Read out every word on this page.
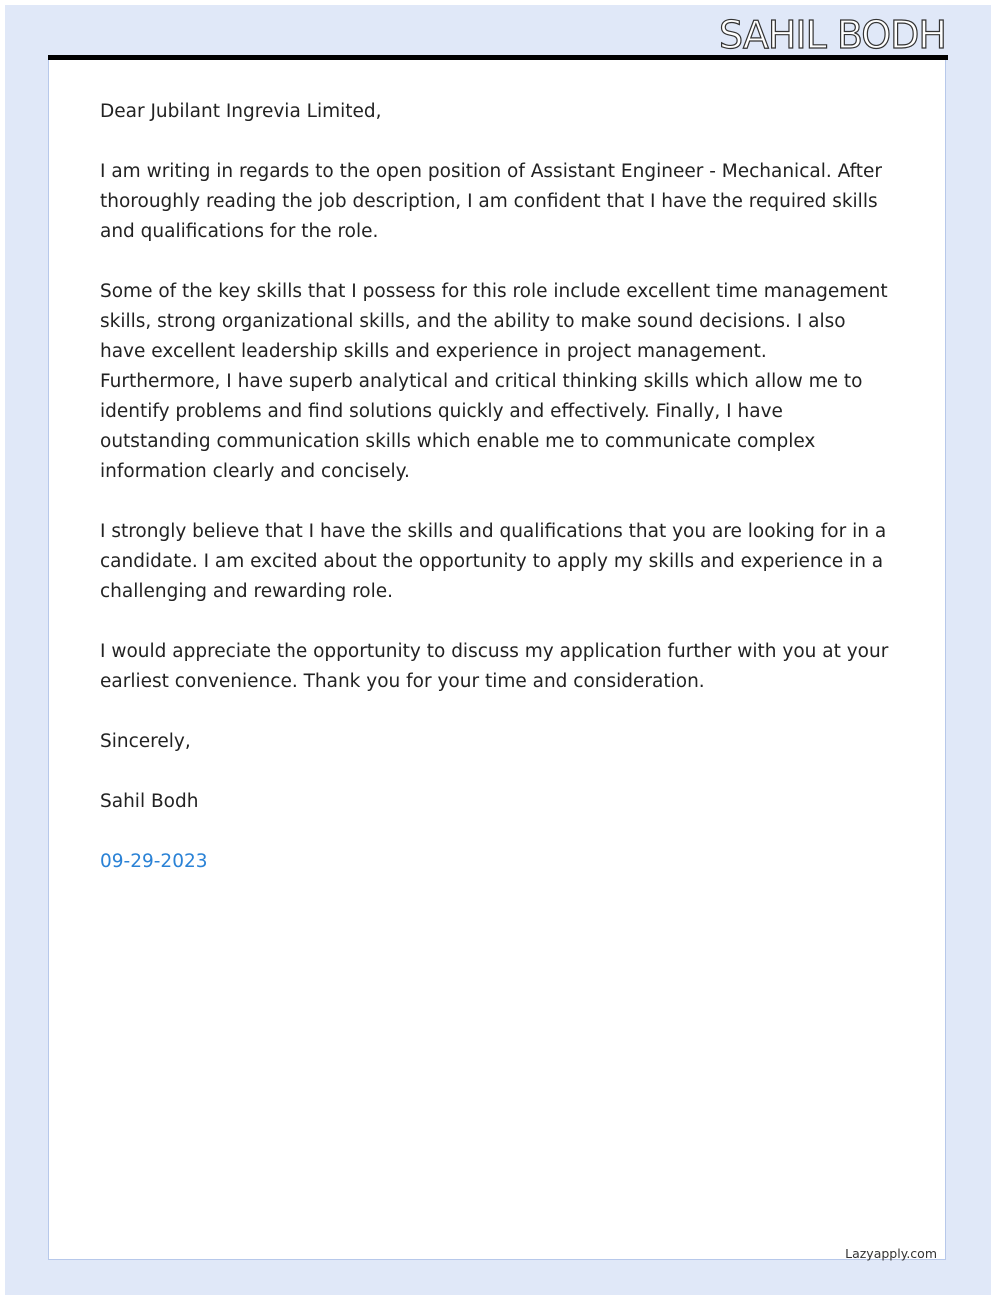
SAHIL BODH

Dear Jubilant Ingrevia Limited,

I am writing in regards to the open position of Assistant Engineer - Mechanical. After thoroughly reading the job description, I am confident that I have the required skills and qualifications for the role.

Some of the key skills that I possess for this role include excellent time management skills, strong organizational skills, and the ability to make sound decisions. I also have excellent leadership skills and experience in project management. Furthermore, I have superb analytical and critical thinking skills which allow me to identify problems and find solutions quickly and effectively. Finally, I have outstanding communication skills which enable me to communicate complex information clearly and concisely.

I strongly believe that I have the skills and qualifications that you are looking for in a candidate. I am excited about the opportunity to apply my skills and experience in a challenging and rewarding role.

I would appreciate the opportunity to discuss my application further with you at your earliest convenience. Thank you for your time and consideration.

Sincerely,

Sahil Bodh

09-29-2023

Lazyapply.com
